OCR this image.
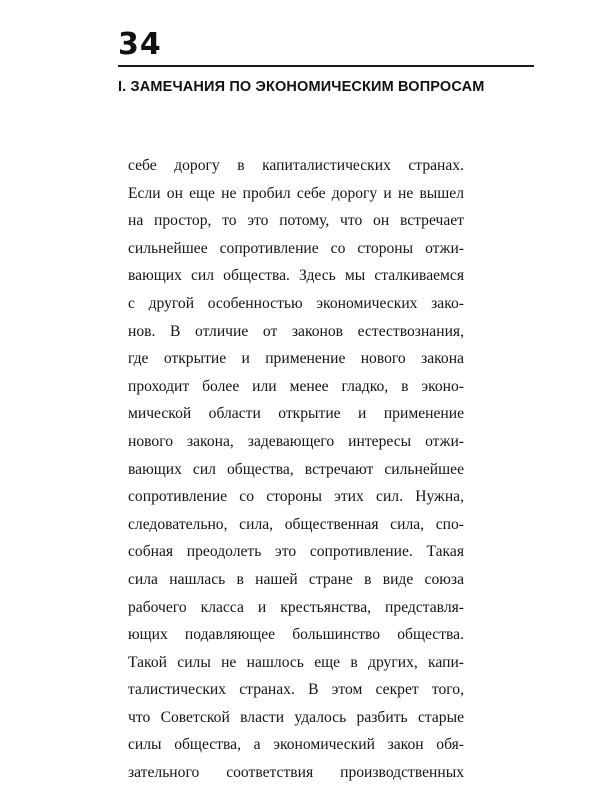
34
I. ЗАМЕЧАНИЯ ПО ЭКОНОМИЧЕСКИМ ВОПРОСАМ
себе дорогу в капиталистических странах.
Если он еще не пробил себе дорогу и не вышел
на простор, то это потому, что он встречает
сильнейшее сопротивление со стороны отжи-
вающих сил общества. Здесь мы сталкиваемся
с другой особенностью экономических зако-
нов. В отличие от законов естествознания,
где открытие и применение нового закона
проходит более или менее гладко, в эконо-
мической области открытие и применение
нового закона, задевающего интересы отжи-
вающих сил общества, встречают сильнейшее
сопротивление со стороны этих сил. Нужна,
следовательно, сила, общественная сила, спо-
собная преодолеть это сопротивление. Такая
сила нашлась в нашей стране в виде союза
рабочего класса и крестьянства, представля-
ющих подавляющее большинство общества.
Такой силы не нашлось еще в других, капи-
талистических странах. В этом секрет того,
что Советской власти удалось разбить старые
силы общества, а экономический закон обя-
зательного соответствия производственных
